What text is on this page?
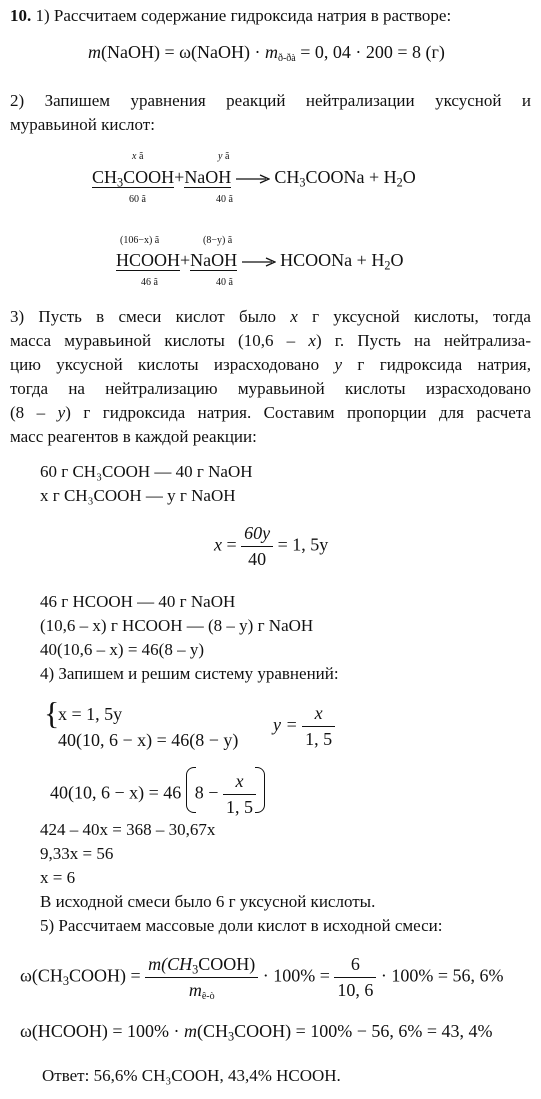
10. 1) Рассчитаем содержание гидроксида натрия в растворе:
m(NaOH) = ω(NaOH) · $m_{ð-ðà} = 0$, 04 · 200 = 8 (г)
2) Запишем уравнения реакций нейтрализации уксусной и
муравьиной кислот:
x ã	y ã
$CH_3COOH+NaOH$ $CH_3COONa + H_2O$
60 ã	40 ã
(106−x) ã	(8−y) ã
HCOOH+NaOH HCOONa + $H_2O$
46 ã	40 ã
3) Пусть в смеси кислот было x г уксусной кислоты, тогда
масса муравьиной кислоты (10,6 – x) г. Пусть на нейтрализа-
цию уксусной кислоты израсходовано y г гидроксида натрия,
тогда на нейтрализацию муравьиной кислоты израсходовано
(8 – y) г гидроксида натрия. Составим пропорции для расчета
масс реагентов в каждой реакции:
60 г CH₃COOH — 40 г NaOH
x г CH₃COOH — y г NaOH
$x = \frac{60y}{40} = 1$, 5y
46 г HCOOH — 40 г NaOH
(10,6 – x) г HCOOH — (8 – y) г NaOH
40(10,6 – x) = 46(8 – y)
4) Запишем и решим систему уравнений:
{
x = 1, 5y
40(10, 6 − x) = 46(8 − y)
$y = \frac{x}{1, 5}$
40(10, 6 − x) = 46 $8 - \frac{x}{1, 5}$
424 – 40x = 368 – 30,67x
9,33x = 56
x = 6
В исходной смеси было 6 г уксусной кислоты.
5) Рассчитаем массовые доли кислот в исходной смеси:
$\omega(CH_3COOH) = \frac{m(CH_3COOH)}{m_{ê-ò}} \cdot 100\% = \frac{6}{10, 6} \cdot 100\% = 56$, 6%
ω(HCOOH) = $100\% \cdot m(CH_3COOH) = 100\% - 56$, 6% = 43, 4%
Ответ: 56,6% CH₃COOH, 43,4% HCOOH.
